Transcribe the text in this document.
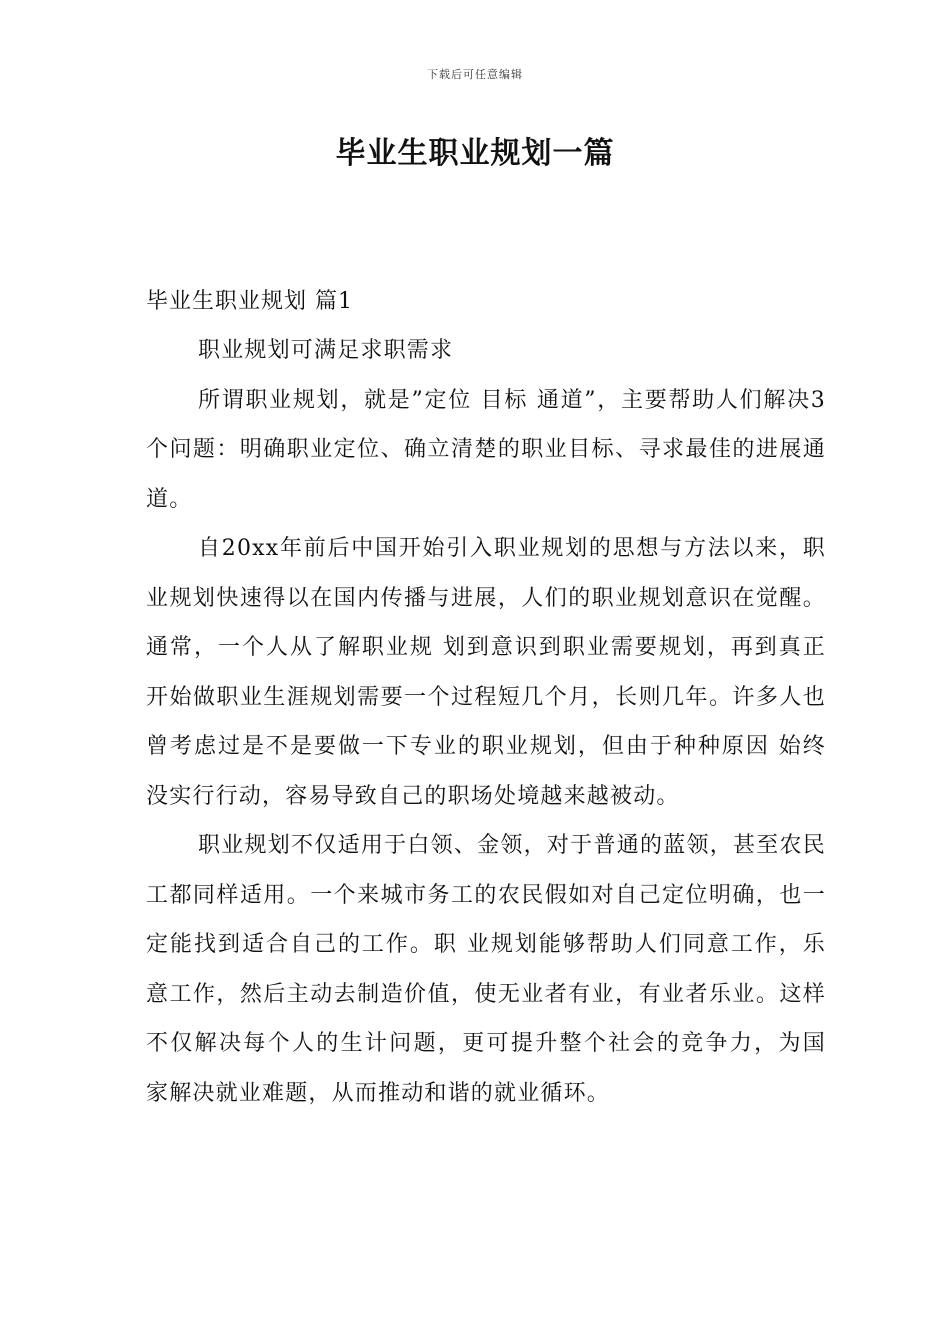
下载后可任意编辑
毕业生职业规划一篇
毕业生职业规划 篇1

职业规划可满足求职需求

所谓职业规划，就是”定位 目标 通道”，主要帮助人们解决3个问题：明确职业定位、确立清楚的职业目标、寻求最佳的进展通道。

自20xx年前后中国开始引入职业规划的思想与方法以来，职业规划快速得以在国内传播与进展，人们的职业规划意识在觉醒。通常，一个人从了解职业规 划到意识到职业需要规划，再到真正开始做职业生涯规划需要一个过程短几个月，长则几年。许多人也曾考虑过是不是要做一下专业的职业规划，但由于种种原因 始终没实行行动，容易导致自己的职场处境越来越被动。

职业规划不仅适用于白领、金领，对于普通的蓝领，甚至农民工都同样适用。一个来城市务工的农民假如对自己定位明确，也一定能找到适合自己的工作。职 业规划能够帮助人们同意工作，乐意工作，然后主动去制造价值，使无业者有业，有业者乐业。这样不仅解决每个人的生计问题，更可提升整个社会的竞争力，为国 家解决就业难题，从而推动和谐的就业循环。
